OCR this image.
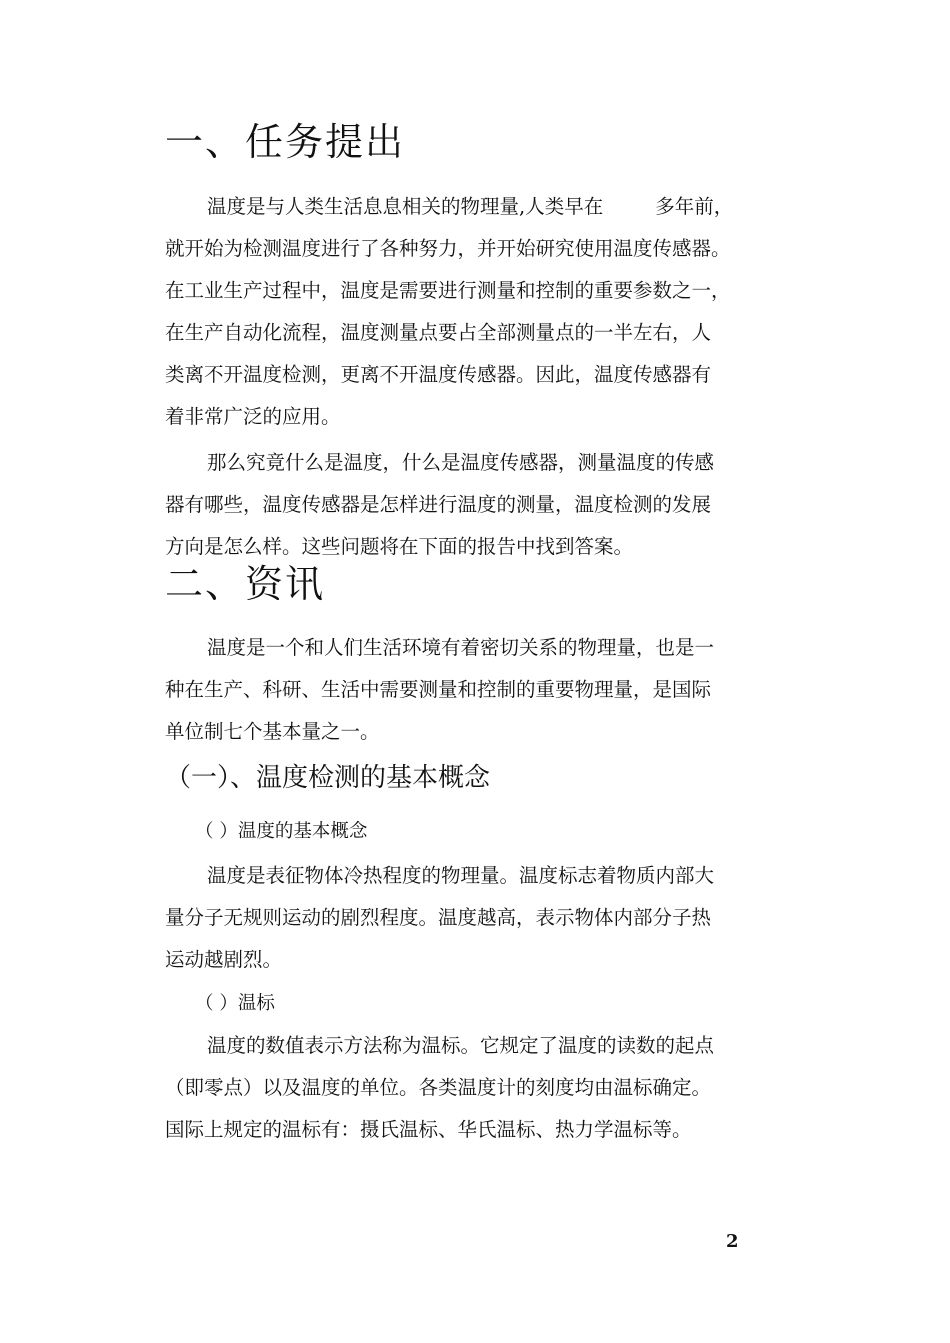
一、任务提出
温度是与人类生活息息相关的物理量,人类早在	多年前，
就开始为检测温度进行了各种努力，并开始研究使用温度传感器。
在工业生产过程中，温度是需要进行测量和控制的重要参数之一，
在生产自动化流程，温度测量点要占全部测量点的一半左右，人
类离不开温度检测，更离不开温度传感器。因此，温度传感器有
着非常广泛的应用。
那么究竟什么是温度，什么是温度传感器，测量温度的传感
器有哪些，温度传感器是怎样进行温度的测量，温度检测的发展
方向是怎么样。这些问题将在下面的报告中找到答案。
二、资讯
温度是一个和人们生活环境有着密切关系的物理量，也是一
种在生产、科研、生活中需要测量和控制的重要物理量，是国际
单位制七个基本量之一。
（一）、温度检测的基本概念
（ ）温度的基本概念
温度是表征物体冷热程度的物理量。温度标志着物质内部大
量分子无规则运动的剧烈程度。温度越高，表示物体内部分子热
运动越剧烈。
（ ）温标
温度的数值表示方法称为温标。它规定了温度的读数的起点
（即零点）以及温度的单位。各类温度计的刻度均由温标确定。
国际上规定的温标有：摄氏温标、华氏温标、热力学温标等。
2
